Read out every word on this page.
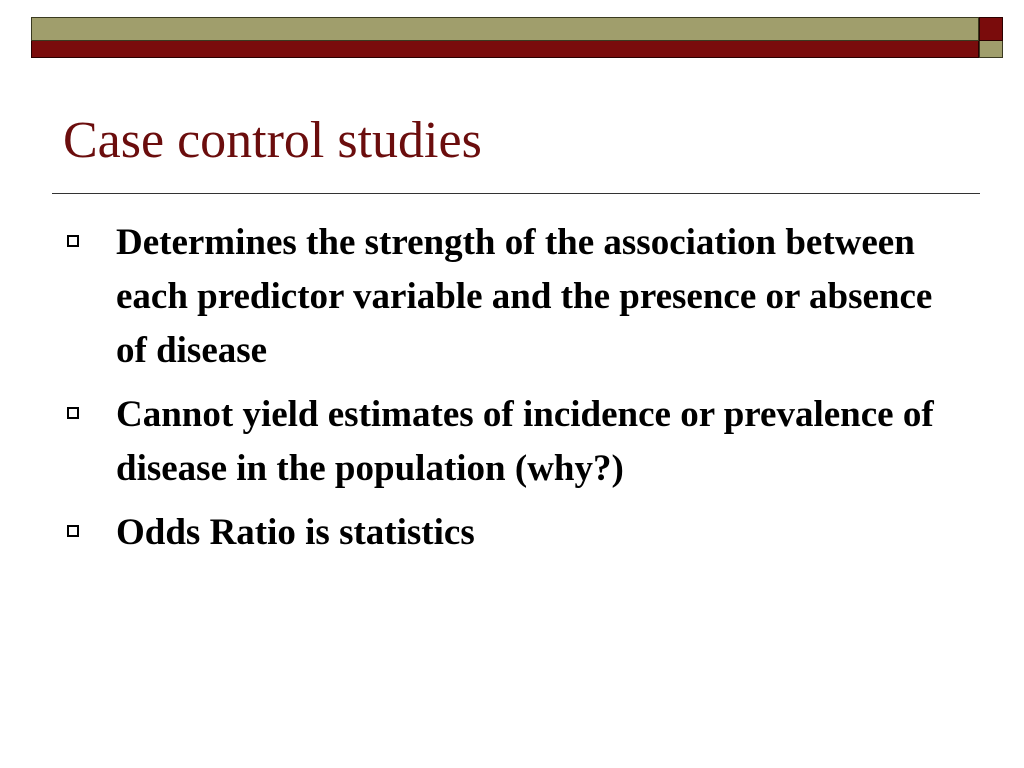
Case control studies
Determines the strength of the association between each predictor variable and the presence or absence of disease
Cannot yield estimates of incidence or prevalence of disease in the population (why?)
Odds Ratio is statistics
